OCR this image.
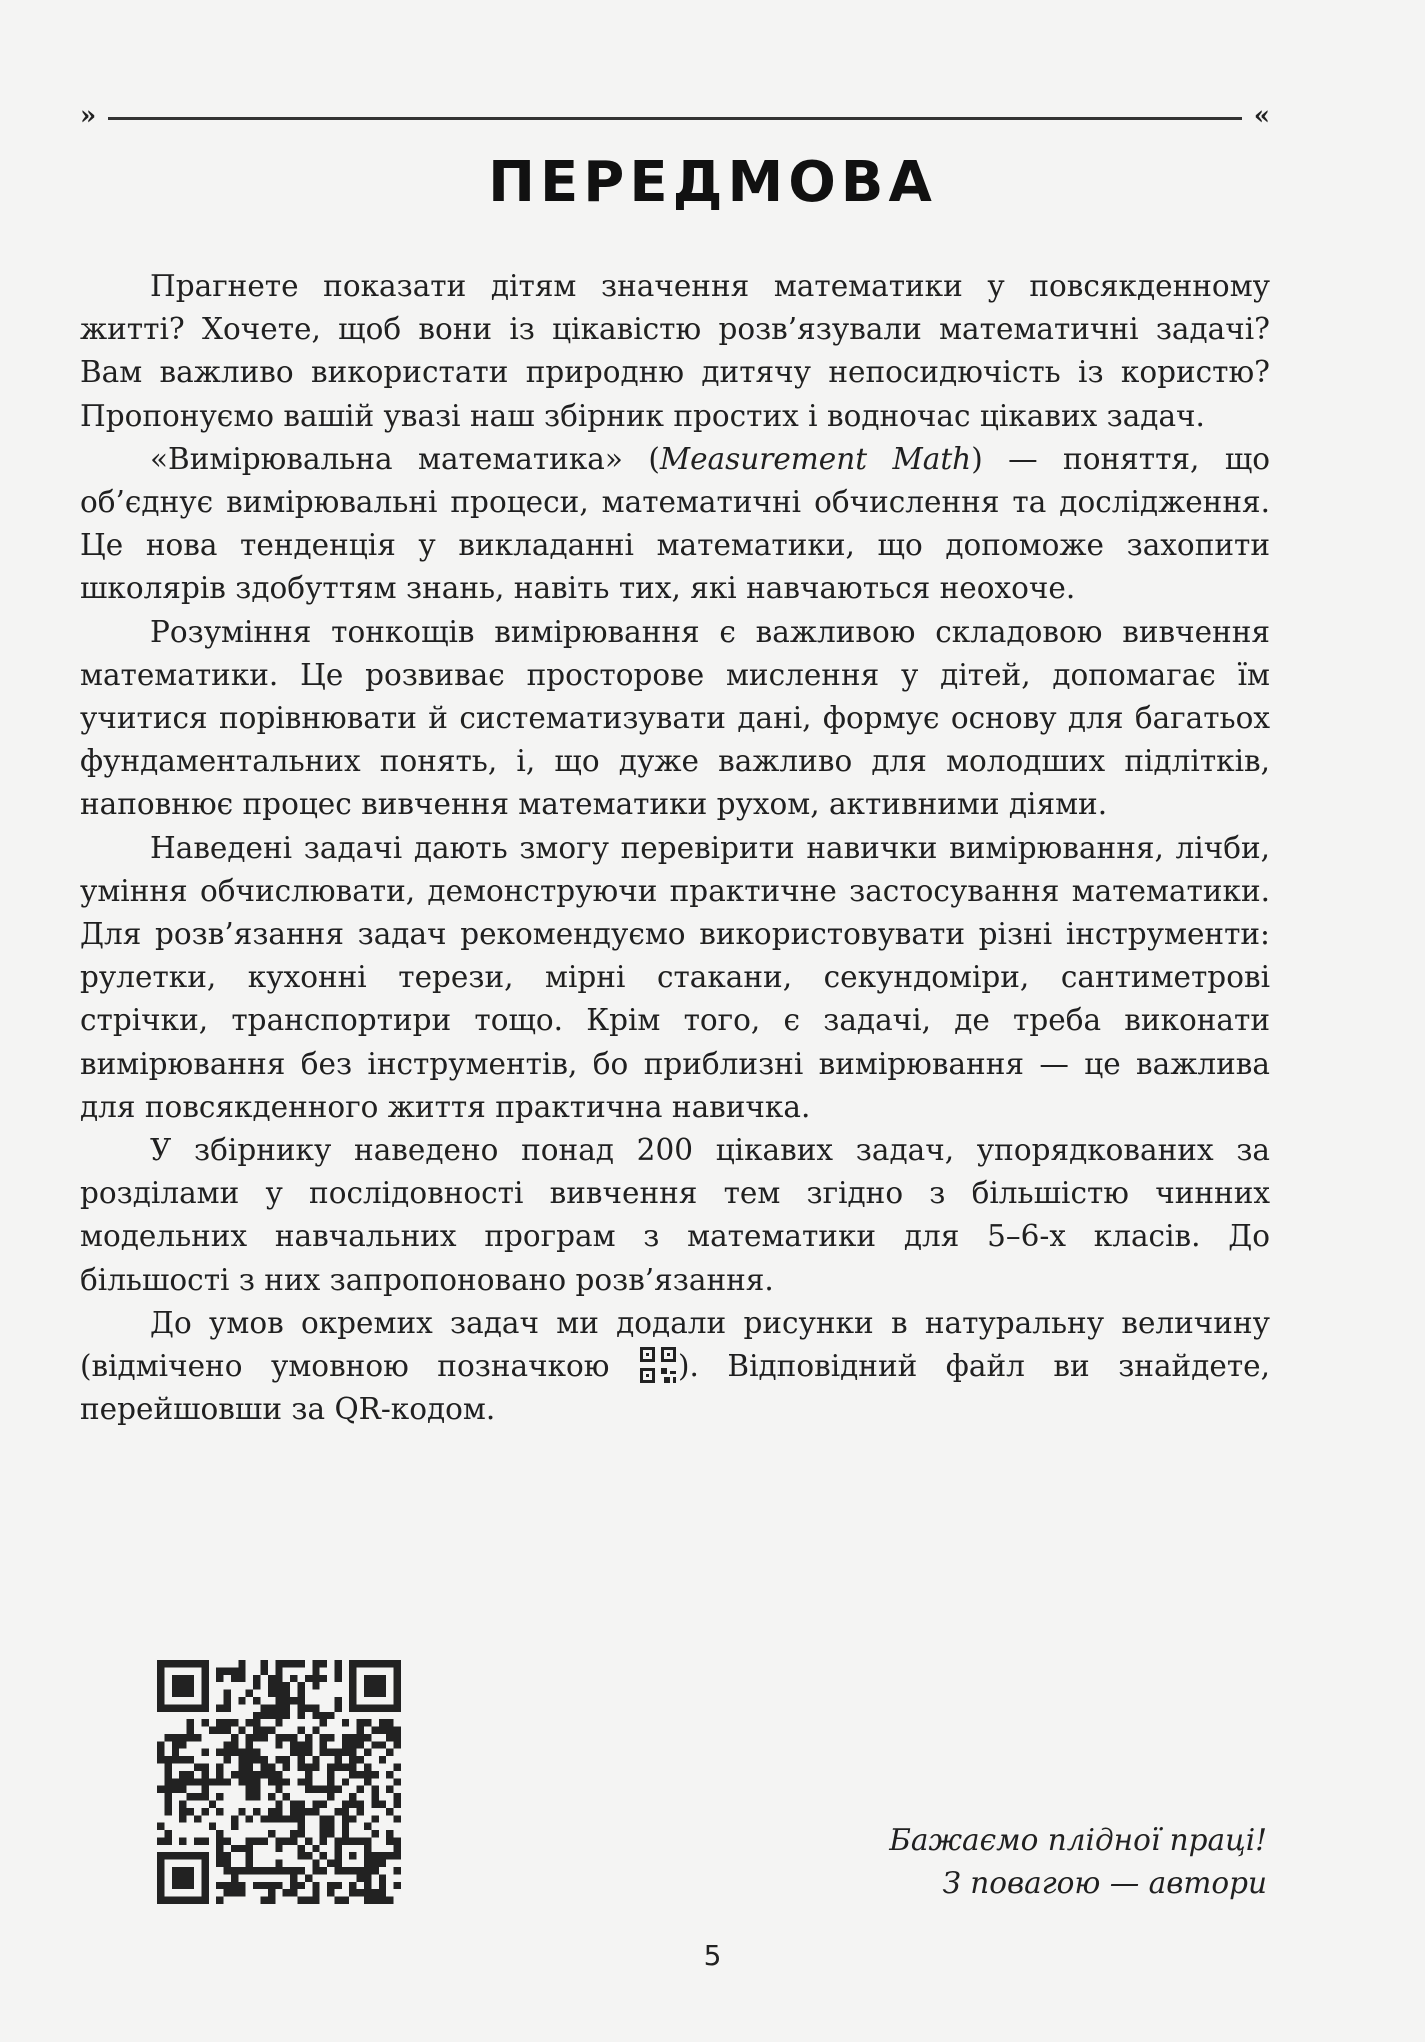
»	«
ПЕРЕДМОВА

Прагнете показати дітям значення математики у повсякденному житті? Хочете, щоб вони із цікавістю розв’язували математичні задачі? Вам важливо використати природню дитячу непосидючість із користю? Пропонуємо вашій увазі наш збірник простих і водночас цікавих задач.

«Вимірювальна математика» (Measurement Math) — поняття, що об’єднує вимірювальні процеси, математичні обчислення та дослідження. Це нова тенденція у викладанні математики, що допоможе захопити школярів здобуттям знань, навіть тих, які навчаються неохоче.

Розуміння тонкощів вимірювання є важливою складовою вивчення математики. Це розвиває просторове мислення у дітей, допомагає їм учитися порівнювати й систематизувати дані, формує основу для багатьох фундаментальних понять, і, що дуже важливо для молодших підлітків, наповнює процес вивчення математики рухом, активними діями.

Наведені задачі дають змогу перевірити навички вимірювання, лічби, уміння обчислювати, демонструючи практичне застосування математики. Для розв’язання задач рекомендуємо використовувати різні інструменти: рулетки, кухонні терези, мірні стакани, секундоміри, сантиметрові стрічки, транспортири тощо. Крім того, є задачі, де треба виконати вимірювання без інструментів, бо приблизні вимірювання — це важлива для повсякденного життя практична навичка.

У збірнику наведено понад 200 цікавих задач, упорядкованих за розділами у послідовності вивчення тем згідно з більшістю чинних модельних навчальних програм з математики для 5–6-х класів. До більшості з них запропоновано розв’язання.

До умов окремих задач ми додали рисунки в натуральну величину (відмічено умовною позначкою ). Відповідний файл ви знайдете, перейшовши за QR-кодом.

Бажаємо плідної праці!
З повагою — автори
5
